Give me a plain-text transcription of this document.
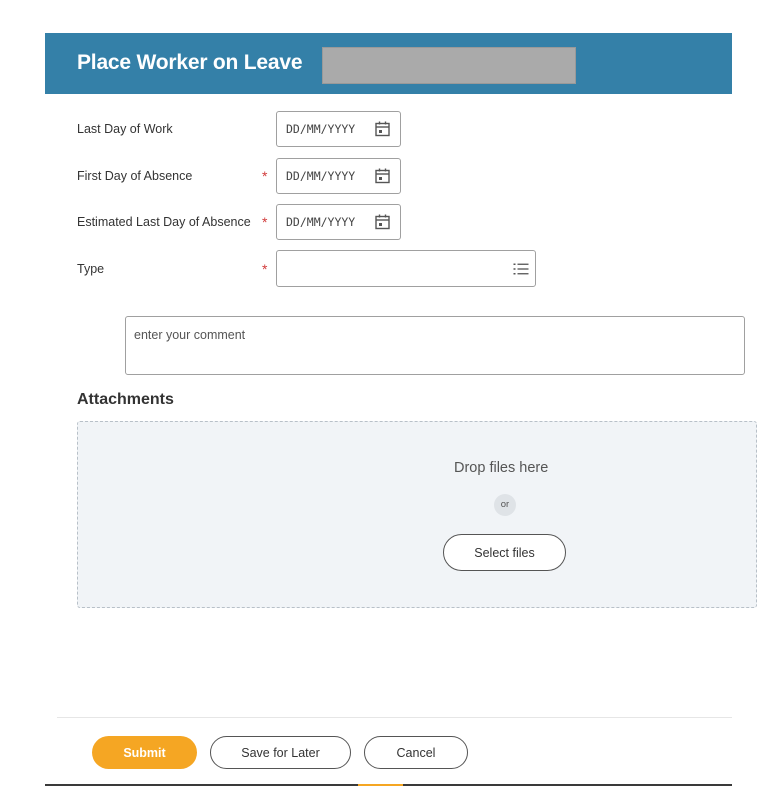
Place Worker on Leave
Last Day of Work	DD/MM/YYYY
First Day of Absence	* DD/MM/YYYY
Estimated Last Day of Absence * DD/MM/YYYY
Type	*
enter your comment
Attachments
Drop files here
or
Select files
Submit	Save for Later	Cancel
